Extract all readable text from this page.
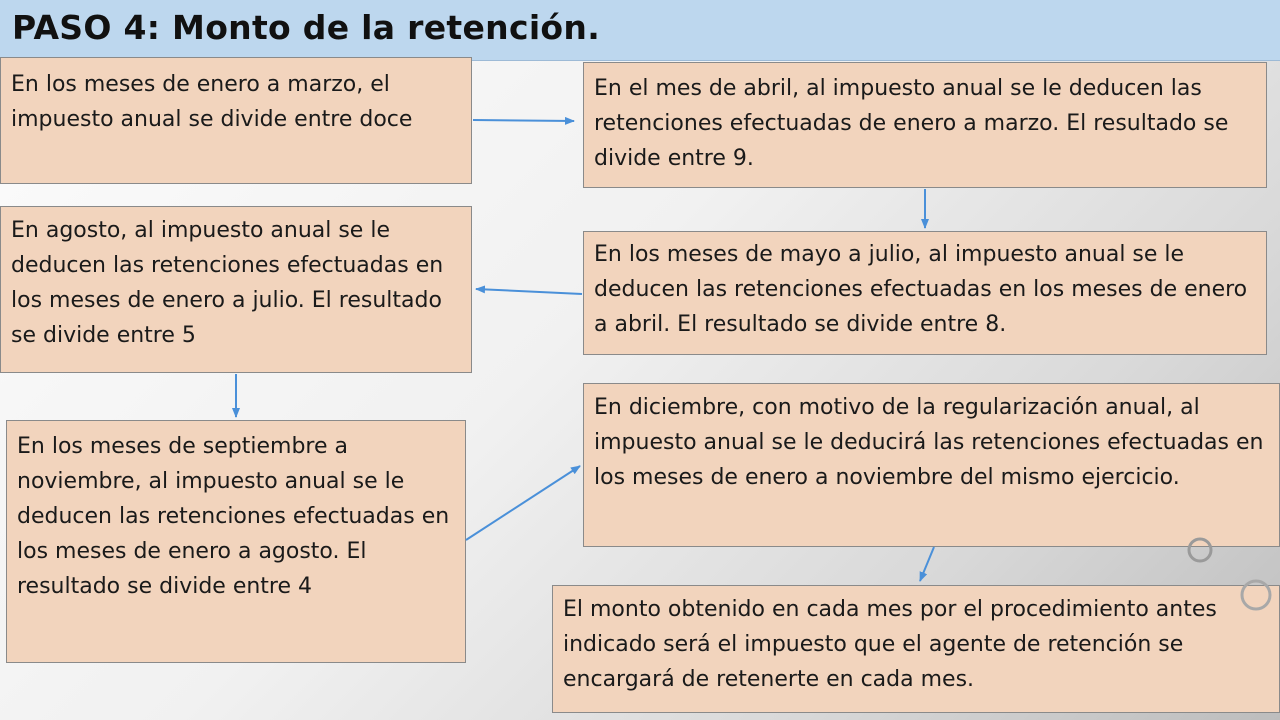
PASO 4: Monto de la retención.
En los meses de enero a marzo, el impuesto anual se divide entre doce
En el mes de abril, al impuesto anual se le deducen las retenciones efectuadas de enero a marzo. El resultado se divide entre 9.
En agosto, al impuesto anual se le deducen las retenciones efectuadas en los meses de enero a julio. El resultado se divide entre 5
En los meses de mayo a julio, al impuesto anual se le deducen las retenciones efectuadas en los meses de enero a abril. El resultado se divide entre 8.
En los meses de septiembre a noviembre, al impuesto anual se le deducen las retenciones efectuadas en los meses de enero a agosto. El resultado se divide entre 4
En diciembre, con motivo de la regularización anual, al impuesto anual se le deducirá las retenciones efectuadas en los meses de enero a noviembre del mismo ejercicio.
El monto obtenido en cada mes por el procedimiento antes indicado será el impuesto que el agente de retención se encargará de retenerte en cada mes.
